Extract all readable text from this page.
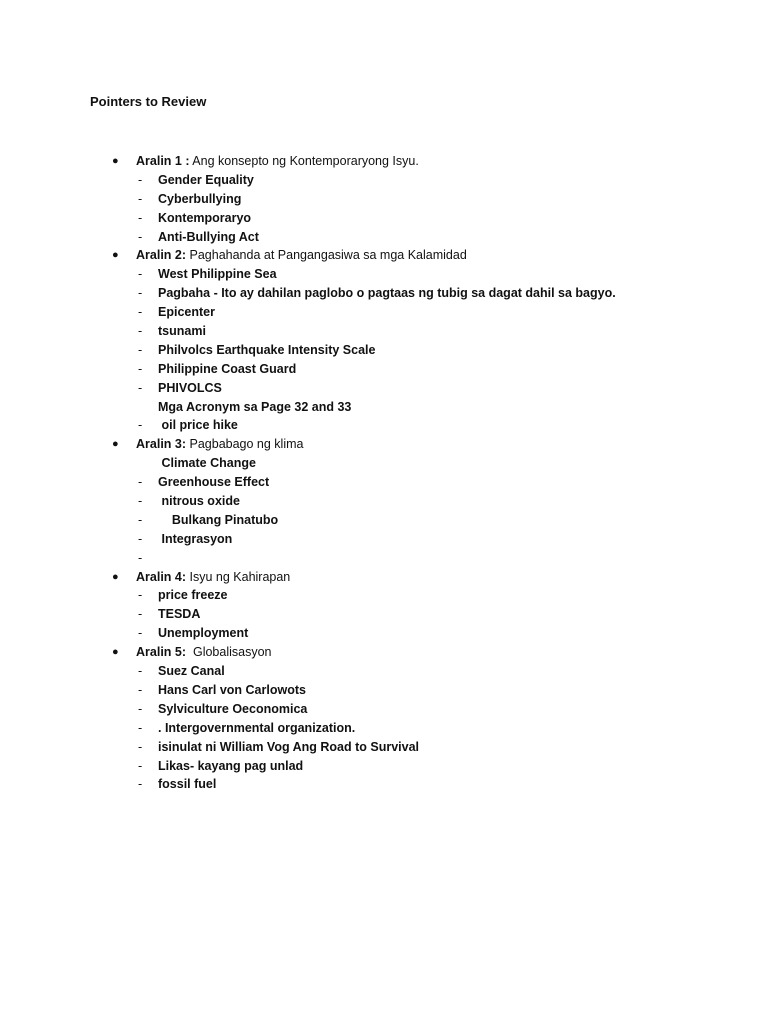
Pointers to Review
● Aralin 1 : Ang konsepto ng Kontemporaryong Isyu.
- Gender Equality
- Cyberbullying
- Kontemporaryo
- Anti-Bullying Act
● Aralin 2: Paghahanda at Pangangasiwa sa mga Kalamidad
- West Philippine Sea
- Pagbaha - Ito ay dahilan paglobo o pagtaas ng tubig sa dagat dahil sa bagyo.
- Epicenter
- tsunami
- Philvolcs Earthquake Intensity Scale
- Philippine Coast Guard
- PHIVOLCS
Mga Acronym sa Page 32 and 33
- oil price hike
● Aralin 3: Pagbabago ng klima
Climate Change
- Greenhouse Effect
- nitrous oxide
- Bulkang Pinatubo
- Integrasyon
-
● Aralin 4: Isyu ng Kahirapan
- price freeze
- TESDA
- Unemployment
● Aralin 5:  Globalisasyon
- Suez Canal
- Hans Carl von Carlowots
- Sylviculture Oeconomica
- . Intergovernmental organization.
- isinulat ni William Vog Ang Road to Survival
- Likas- kayang pag unlad
- fossil fuel
